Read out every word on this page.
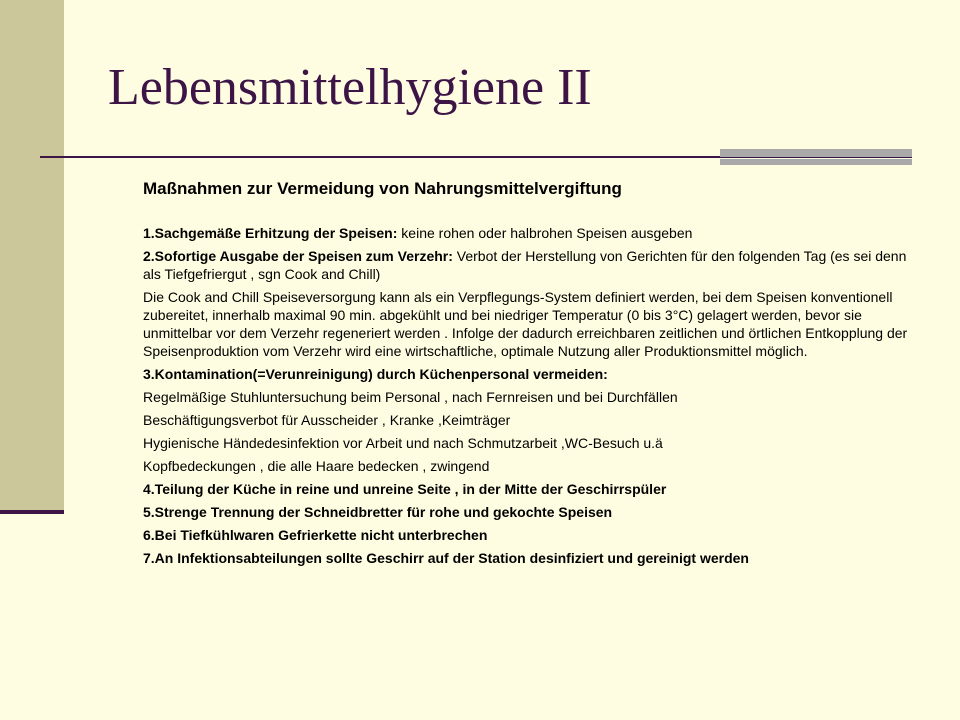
Lebensmittelhygiene II

Maßnahmen zur Vermeidung von Nahrungsmittelvergiftung

1.Sachgemäße Erhitzung der Speisen: keine rohen oder halbrohen Speisen ausgeben

2.Sofortige Ausgabe der Speisen zum Verzehr: Verbot der Herstellung von Gerichten für den folgenden Tag (es sei denn als Tiefgefriergut , sgn Cook and Chill)

Die Cook and Chill Speiseversorgung kann als ein Verpflegungs-System definiert werden, bei dem Speisen konventionell zubereitet, innerhalb maximal 90 min. abgekühlt und bei niedriger Temperatur (0 bis 3°C) gelagert werden, bevor sie unmittelbar vor dem Verzehr regeneriert werden . Infolge der dadurch erreichbaren zeitlichen und örtlichen Entkopplung der Speisenproduktion vom Verzehr wird eine wirtschaftliche, optimale Nutzung aller Produktionsmittel möglich.

3.Kontamination(=Verunreinigung) durch Küchenpersonal vermeiden:

Regelmäßige Stuhluntersuchung beim Personal , nach Fernreisen und bei Durchfällen

Beschäftigungsverbot für Ausscheider , Kranke ,Keimträger

Hygienische Händedesinfektion vor Arbeit und nach Schmutzarbeit ,WC-Besuch u.ä

Kopfbedeckungen , die alle Haare bedecken , zwingend

4.Teilung der Küche in reine und unreine Seite , in der Mitte der Geschirrspüler

5.Strenge Trennung der Schneidbretter für rohe und gekochte Speisen

6.Bei Tiefkühlwaren Gefrierkette nicht unterbrechen

7.An Infektionsabteilungen sollte Geschirr auf der Station desinfiziert und gereinigt werden
